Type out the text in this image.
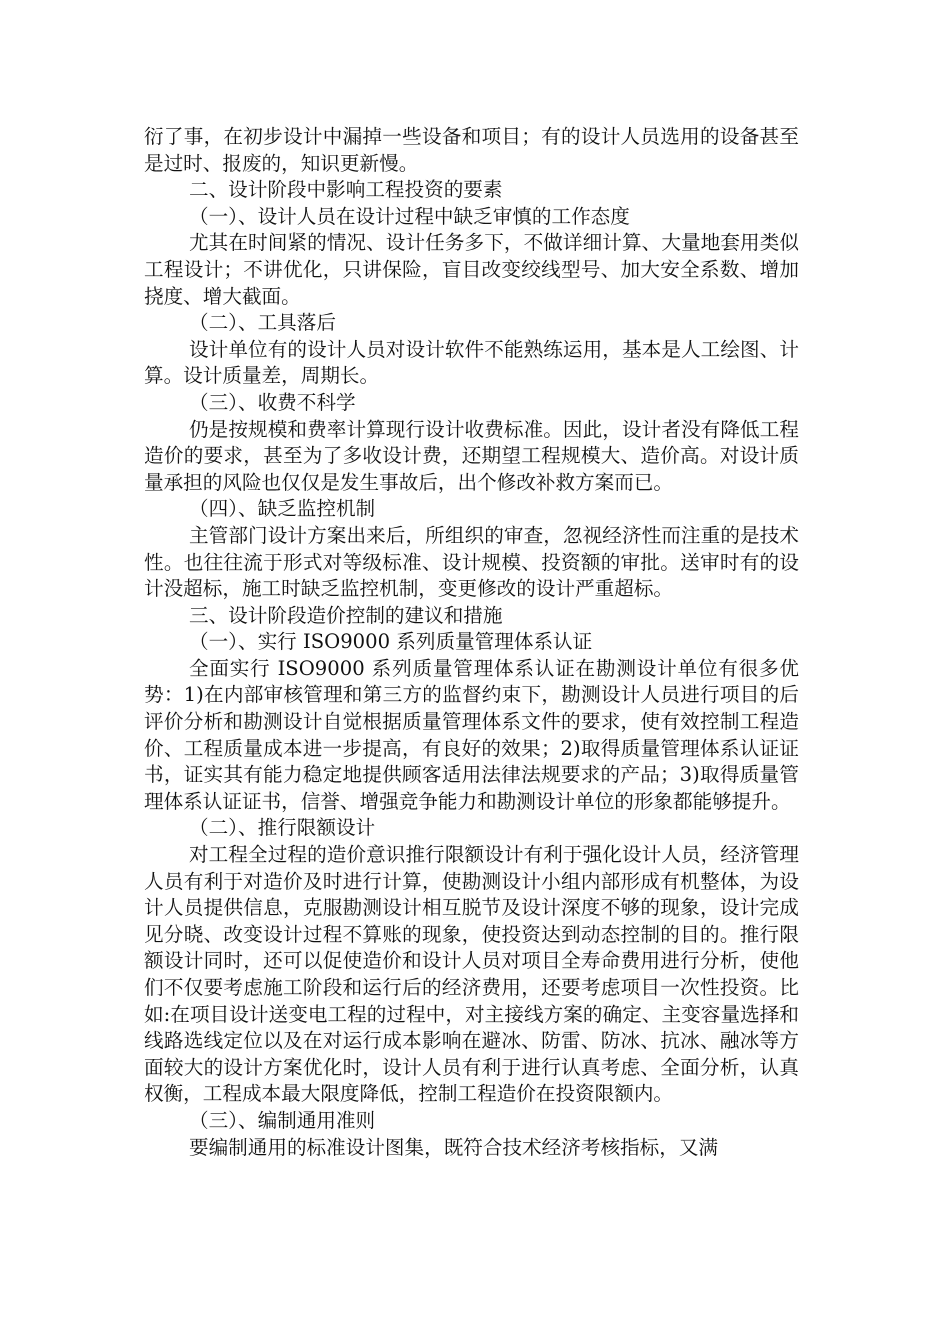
衍了事，在初步设计中漏掉一些设备和项目；有的设计人员选用的设备甚至是过时、报废的，知识更新慢。

二、设计阶段中影响工程投资的要素

（一）、设计人员在设计过程中缺乏审慎的工作态度

尤其在时间紧的情况、设计任务多下，不做详细计算、大量地套用类似工程设计；不讲优化，只讲保险，盲目改变绞线型号、加大安全系数、增加挠度、增大截面。

（二）、工具落后

设计单位有的设计人员对设计软件不能熟练运用，基本是人工绘图、计算。设计质量差，周期长。

（三）、收费不科学

仍是按规模和费率计算现行设计收费标准。因此，设计者没有降低工程造价的要求，甚至为了多收设计费，还期望工程规模大、造价高。对设计质量承担的风险也仅仅是发生事故后，出个修改补救方案而已。

（四）、缺乏监控机制

主管部门设计方案出来后，所组织的审查，忽视经济性而注重的是技术性。也往往流于形式对等级标准、设计规模、投资额的审批。送审时有的设计没超标，施工时缺乏监控机制，变更修改的设计严重超标。

三、设计阶段造价控制的建议和措施

（一）、实行 ISO9000 系列质量管理体系认证

全面实行 ISO9000 系列质量管理体系认证在勘测设计单位有很多优势：1)在内部审核管理和第三方的监督约束下，勘测设计人员进行项目的后评价分析和勘测设计自觉根据质量管理体系文件的要求，使有效控制工程造价、工程质量成本进一步提高，有良好的效果；2)取得质量管理体系认证证书，证实其有能力稳定地提供顾客适用法律法规要求的产品；3)取得质量管理体系认证证书，信誉、增强竞争能力和勘测设计单位的形象都能够提升。

（二）、推行限额设计

对工程全过程的造价意识推行限额设计有利于强化设计人员，经济管理人员有利于对造价及时进行计算，使勘测设计小组内部形成有机整体，为设计人员提供信息，克服勘测设计相互脱节及设计深度不够的现象，设计完成见分晓、改变设计过程不算账的现象，使投资达到动态控制的目的。推行限额设计同时，还可以促使造价和设计人员对项目全寿命费用进行分析，使他们不仅要考虑施工阶段和运行后的经济费用，还要考虑项目一次性投资。比如:在项目设计送变电工程的过程中，对主接线方案的确定、主变容量选择和线路选线定位以及在对运行成本影响在避冰、防雷、防冰、抗冰、融冰等方面较大的设计方案优化时，设计人员有利于进行认真考虑、全面分析，认真权衡，工程成本最大限度降低，控制工程造价在投资限额内。

（三）、编制通用准则

要编制通用的标准设计图集，既符合技术经济考核指标，又满
